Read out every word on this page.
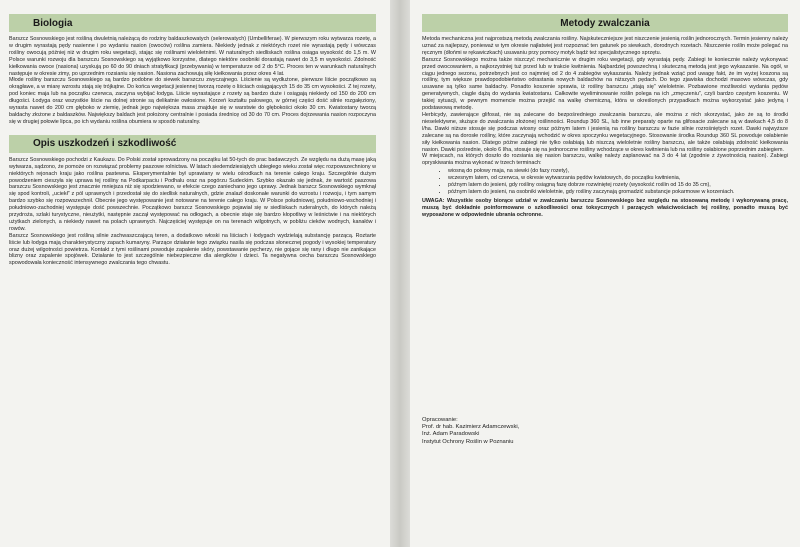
Biologia

Barszcz Sosnowskiego jest rośliną dwuletnią należącą do rodziny baldaszkowatych (selerowatych) (Umbelliferae). W pierwszym roku wytwarza rozetę, a w drugim wyrastają pędy nasienne i po wydaniu nasion (owoców) roślina zamiera. Niekiedy jednak z niektórych rozet nie wyrastają pędy i wówczas rośliny owocują później niż w drugim roku wegetacji, stając się roślinami wieloletnimi. W naturalnych siedliskach roślina osiąga wysokość do 1,5 m. W Polsce warunki rozwoju dla barszczu Sosnowskiego są wyjątkowo korzystne, dlatego niektóre osobniki dorastają nawet do 3,5 m wysokości. Zdolność kiełkowania owoce (nasiona) uzyskują po 60 do 90 dniach stratyfikacji (przebywania) w temperaturze od 2 do 5°C. Proces ten w warunkach naturalnych następuje w okresie zimy, po uprzednim rozsianiu się nasion. Nasiona zachowują siłę kiełkowania przez okres 4 lat.

Młode rośliny barszczu Sosnowskiego są bardzo podobne do siewek barszczu zwyczajnego. Liścienie są wydłużone, pierwsze liście początkowo są okrągławe, a w miarę wzrostu stają się trójkątne. Do końca wegetacji jesiennej tworzą rozetę o liściach osiągających 15 do 35 cm wysokości. Z tej rozety, pod koniec maja lub na początku czerwca, zaczyna wybijać łodyga. Liście wyrastające z rozety są bardzo duże i osiągają niekiedy od 150 do 200 cm długości. Łodyga oraz wszystkie liście na dolnej stronie są delikatnie owłosione. Korzeń kształtu palowego, w górnej części dość silnie rozgałęziony, wyrasta nawet do 200 cm głęboko w ziemię, jednak jego największa masa znajduje się w warstwie do głębokości około 30 cm. Kwiatostany tworzą baldachy złożone z baldaszków. Największy baldach jest położony centralnie i posiada średnicę od 30 do 70 cm. Proces dojrzewania nasion rozpoczyna się w drugiej połowie lipca, po ich wydaniu roślina obumiera w sposób naturalny.

Opis uszkodzeń i szkodliwość

Barszcz Sosnowskiego pochodzi z Kaukazu. Do Polski został sprowadzony na początku lat 50-tych do prac badawczych. Ze względu na dużą masę jaką wytwarza, sądzono, że pomoże on rozwiązać problemy paszowe rolnictwa. W latach siedemdziesiątych ubiegłego wieku został więc rozpowszechniony w niektórych rejonach kraju jako roślina pastewna. Eksperymentalnie był uprawiany w wielu ośrodkach na terenie całego kraju. Szczególnie dużym powodzeniem cieszyła się uprawa tej rośliny na Podkarpaciu i Podhalu oraz na pogórzu Sudeckim. Szybko okazało się jednak, że wartość paszowa barszczu Sosnowskiego jest znacznie mniejsza niż się spodziewano, w efekcie czego zaniechano jego uprawy. Jednak barszcz Sosnowskiego wymknął się spod kontroli, „uciekł” z pól uprawnych i przedostał się do siedlisk naturalnych, gdzie znalazł doskonałe warunki do wzrostu i rozwoju, i tym samym bardzo szybko się rozpowszechnił. Obecnie jego występowanie jest notowane na terenie całego kraju. W Polsce południowej, południowo-wschodniej i południowo-zachodniej występuje dość powszechnie. Początkowo barszcz Sosnowskiego pojawiał się w siedliskach ruderalnych, do których należą przydroża, szlaki turystyczne, nieużytki, następnie zaczął występować na odłogach, a obecnie staje się bardzo kłopotliwy w leśnictwie i na niektórych użytkach zielonych, a niekiedy nawet na polach uprawnych. Najczęściej występuje on na terenach wilgotnych, w pobliżu cieków wodnych, kanałów i rowów.

Barszcz Sosnowskiego jest rośliną silnie zachwaszczającą teren, a dodatkowo włoski na liściach i łodygach wydzielają substancję parzącą. Roztarte liście lub łodyga mają charakterystyczny zapach kumaryny. Parzące działanie tego związku nasila się podczas słonecznej pogody i wysokiej temperatury oraz dużej wilgotności powietrza. Kontakt z tymi roślinami powoduje zapalenie skóry, powstawanie pęcherzy, nie gojące się rany i długo nie zanikające blizny oraz zapalenie spojówek. Działanie to jest szczególnie niebezpieczne dla alergików i dzieci. Ta negatywna cecha barszczu Sosnowskiego spowodowała konieczność intensywnego zwalczania tego chwastu.

Metody zwalczania

Metoda mechaniczna jest najprostszą metodą zwalczania rośliny. Najskuteczniejsze jest niszczenie jesienią roślin jednorocznych. Termin jesienny należy uznać za najlepszy, ponieważ w tym okresie najłatwiej jest rozpoznać ten gatunek po siewkach, dorodnych rozetach. Niszczenie roślin może polegać na ręcznym (dłońmi w rękawiczkach) usuwaniu przy pomocy motyk bądź też specjalistycznego sprzętu.

Barszcz Sosnowskiego można także niszczyć mechanicznie w drugim roku wegetacji, gdy wyrastają pędy. Zabiegi te koniecznie należy wykonywać przed owocowaniem, a najkorzystniej tuż przed lub w trakcie kwitnienia. Najbardziej powszechną i skuteczną metodą jest jego wykaszanie. Na ogół, w ciągu jednego sezonu, potrzebnych jest co najmniej od 2 do 4 zabiegów wykaszania. Należy jednak wziąć pod uwagę fakt, że im wyżej koszona są rośliny, tym większe prawdopodobieństwo odrastania nowych baldachów na niższych pędach. Do tego zjawiska dochodzi masowo wówczas, gdy usuwane są tylko same baldachy. Ponadto koszenie sprawia, iż rośliny barszczu „stają się” wieloletnie. Pozbawione możliwości wydania pędów generatywnych, ciągle dążą do wydania kwiatostanu. Całkowite wyeliminowanie roślin polega na ich „zmęczeniu”, czyli bardzo częstym koszeniu. W takiej sytuacji, w pewnym momencie można przejść na walkę chemiczną, która w określonych przypadkach można wykorzystać jako jedyną i podstawową metodę.

Herbicydy, zawierające glifosat, nie są zalecane do bezpośredniego zwalczania barszczu, ale można z nich skorzystać, jako że są to środki nieselektywne, służące do zwalczania złożonej roślinności. Roundup 360 SL, lub inne preparaty oparte na glifosacie zalecane są w dawkach 4,5 do 8 l/ha. Dawki niższe stosuje się podczas wiosny oraz późnym latem i jesienią na rośliny barszczu w fazie silnie rozrośniętych rozet. Dawki najwyższe zalecane są na dorosłe rośliny, które zaczynają wchodzić w okres spoczynku wegetacyjnego. Stosowanie środka Roundup 360 SL powoduje osłabienie siły kiełkowania nasion. Dlatego późne zabiegi nie tylko osłabiają lub niszczą wieloletnie rośliny barszczu, ale także osłabiają zdolność kiełkowania nasion. Dawki pośrednie, około 6 l/ha, stosuje się na jednoroczne rośliny wchodzące w okres kwitnienia lub na rośliny osłabione poprzednim zabiegiem.

W miejscach, na których doszło do rozsiania się nasion barszczu, walkę należy zaplanować na 3 do 4 lat (zgodnie z żywotnością nasion). Zabiegi opryskiwania można wykonać w trzech terminach:

• wiosną do połowy maja, na siewki (do fazy rozety),
• wczesnym latem, od czerwca, w okresie wytwarzania pędów kwiatowych, do początku kwitnienia,
• późnym latem do jesieni, gdy rośliny osiągną fazę dobrze rozwiniętej rozety (wysokość roślin od 15 do 35 cm),
• późnym latem do jesieni, na osobniki wieloletnie, gdy rośliny zaczynają gromadzić substancje pokarmowe w korzeniach.

UWAGA: Wszystkie osoby biorące udział w zwalczaniu barszczu Sosnowskiego bez względu na stosowaną metodę i wykonywaną pracę, muszą być dokładnie poinformowane o szkodliwości oraz toksycznych i parzących właściwościach tej rośliny, ponadto muszą być wyposażone w odpowiednie ubrania ochronne.

Opracowanie:
Prof. dr hab. Kazimierz Adamczewski,
Inż. Adam Paradowski
Instytut Ochrony Roślin w Poznaniu
